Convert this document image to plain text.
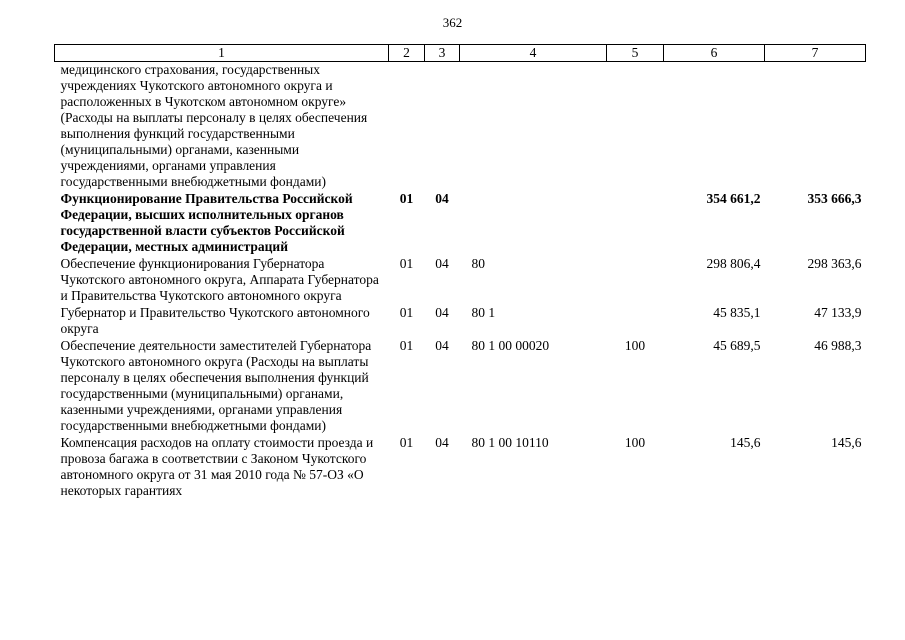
362
1	2	3	4	5	6	7
медицинского страхования, государственных учреждениях Чукотского автономного округа и расположенных в Чукотском автономном округе» (Расходы на выплаты персоналу в целях обеспечения выполнения функций государственными (муниципальными) органами, казенными учреждениями, органами управления государственными внебюджетными фондами)						
Функционирование Правительства Российской Федерации, высших исполнительных органов государственной власти субъектов Российской Федерации, местных администраций	01	04			354 661,2	353 666,3
Обеспечение функционирования Губернатора Чукотского автономного округа, Аппарата Губернатора и Правительства Чукотского автономного округа	01	04	80		298 806,4	298 363,6
Губернатор и Правительство Чукотского автономного округа	01	04	80 1		45 835,1	47 133,9
Обеспечение деятельности заместителей Губернатора Чукотского автономного округа (Расходы на выплаты персоналу в целях обеспечения выполнения функций государственными (муниципальными) органами, казенными учреждениями, органами управления государственными внебюджетными фондами)	01	04	80 1 00 00020	100	45 689,5	46 988,3
Компенсация расходов на оплату стоимости проезда и провоза багажа в соответствии с Законом Чукотского автономного округа от 31 мая 2010 года № 57-ОЗ «О некоторых гарантиях	01	04	80 1 00 10110	100	145,6	145,6
